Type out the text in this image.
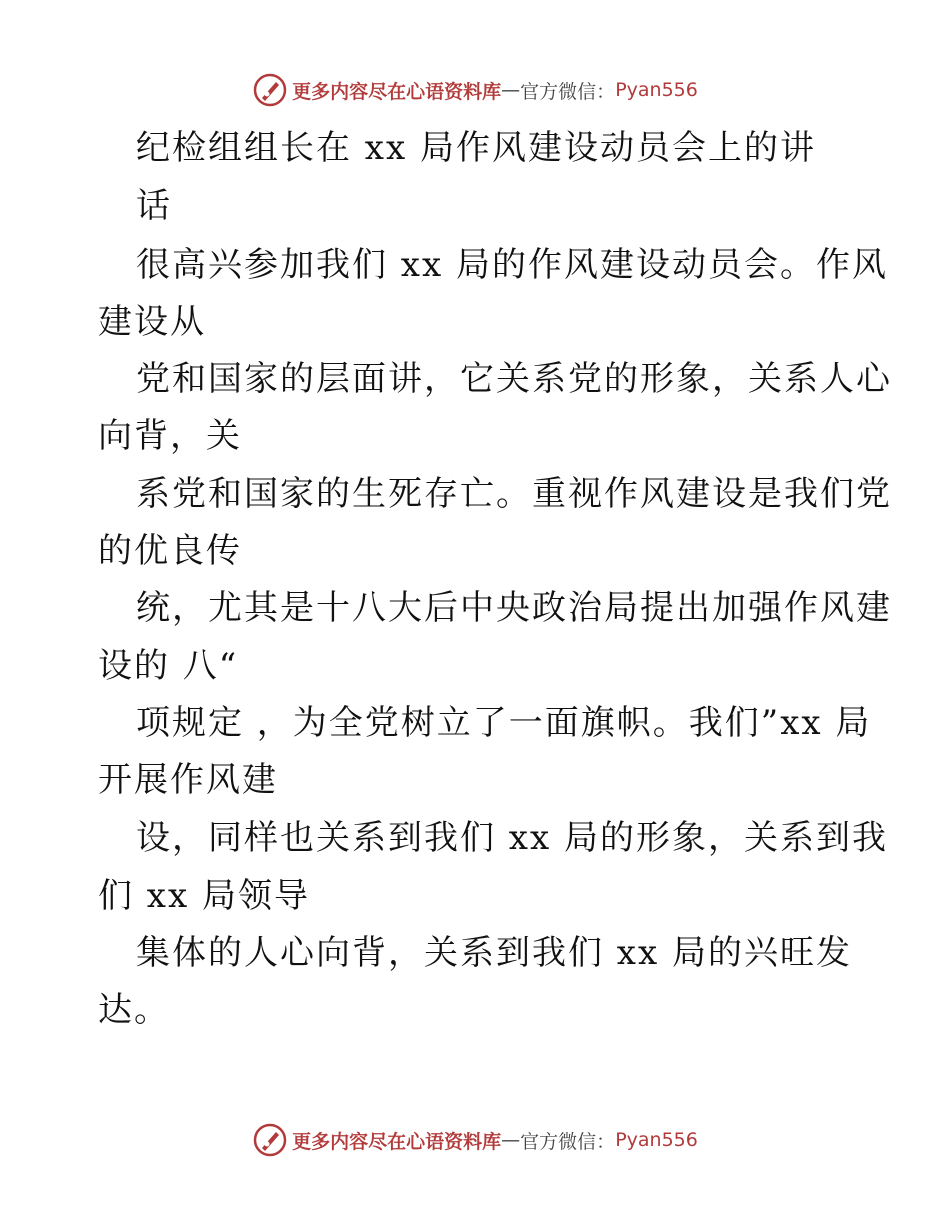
更多内容尽在心语资料库 — 官方微信： Pyan556
纪检组组长在 xx 局作风建设动员会上的讲
话
很高兴参加我们 xx 局的作风建设动员会。作风
建设从
党和国家的层面讲，它关系党的形象，关系人心
向背，关
系党和国家的生死存亡。重视作风建设是我们党
的优良传
统，尤其是十八大后中央政治局提出加强作风建
设的 八“
项规定 ，为全党树立了一面旗帜。我们”xx 局
开展作风建
设，同样也关系到我们 xx 局的形象，关系到我
们 xx 局领导
集体的人心向背，关系到我们 xx 局的兴旺发
达。
更多内容尽在心语资料库 — 官方微信： Pyan556
